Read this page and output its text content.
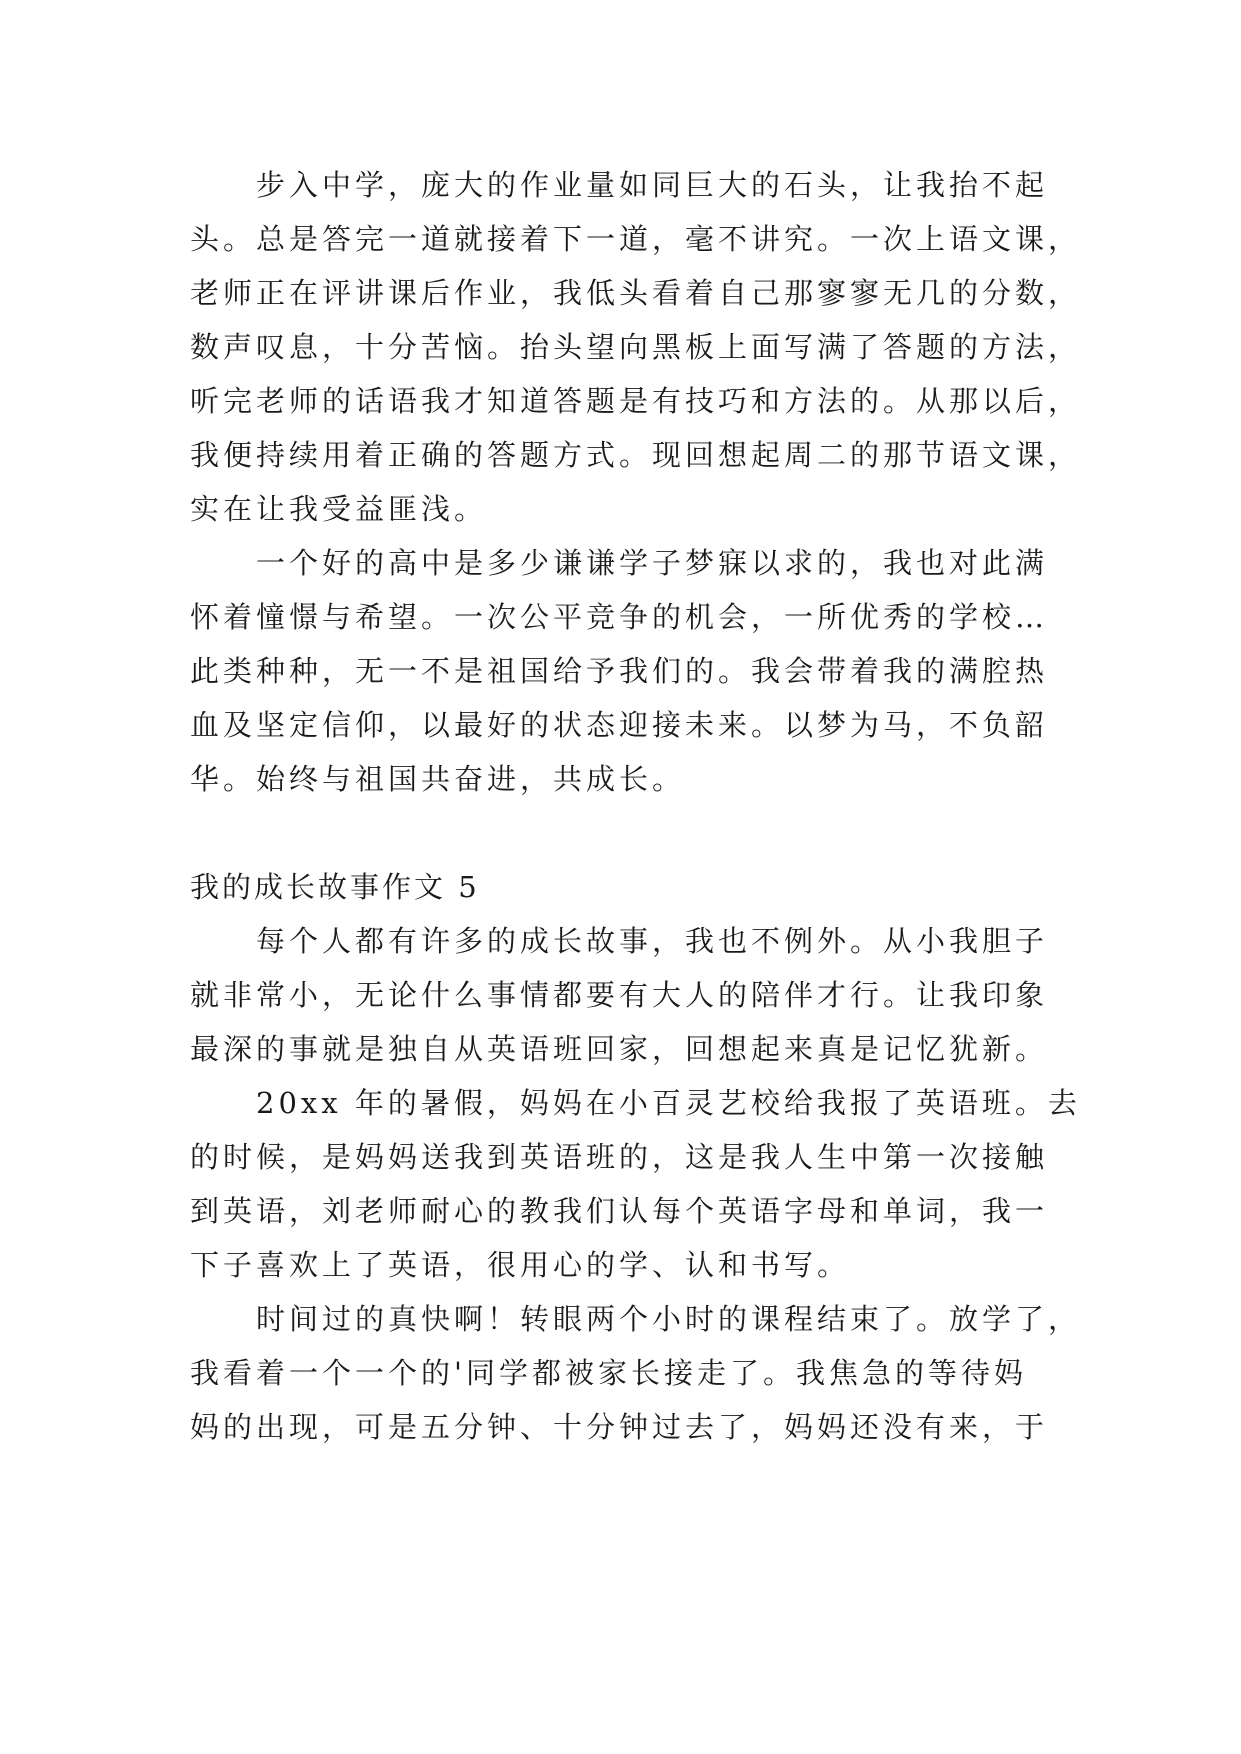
步入中学，庞大的作业量如同巨大的石头，让我抬不起
头。总是答完一道就接着下一道，毫不讲究。一次上语文课，
老师正在评讲课后作业，我低头看着自己那寥寥无几的分数，
数声叹息，十分苦恼。抬头望向黑板上面写满了答题的方法，
听完老师的话语我才知道答题是有技巧和方法的。从那以后，
我便持续用着正确的答题方式。现回想起周二的那节语文课，
实在让我受益匪浅。
一个好的高中是多少谦谦学子梦寐以求的，我也对此满
怀着憧憬与希望。一次公平竞争的机会，一所优秀的学校…
此类种种，无一不是祖国给予我们的。我会带着我的满腔热
血及坚定信仰，以最好的状态迎接未来。以梦为马，不负韶
华。始终与祖国共奋进，共成长。
我的成长故事作文 5
每个人都有许多的成长故事，我也不例外。从小我胆子
就非常小，无论什么事情都要有大人的陪伴才行。让我印象
最深的事就是独自从英语班回家，回想起来真是记忆犹新。
20xx 年的暑假，妈妈在小百灵艺校给我报了英语班。去
的时候，是妈妈送我到英语班的，这是我人生中第一次接触
到英语，刘老师耐心的教我们认每个英语字母和单词，我一
下子喜欢上了英语，很用心的学、认和书写。
时间过的真快啊！转眼两个小时的课程结束了。放学了，
我看着一个一个的'同学都被家长接走了。我焦急的等待妈
妈的出现，可是五分钟、十分钟过去了，妈妈还没有来，于
